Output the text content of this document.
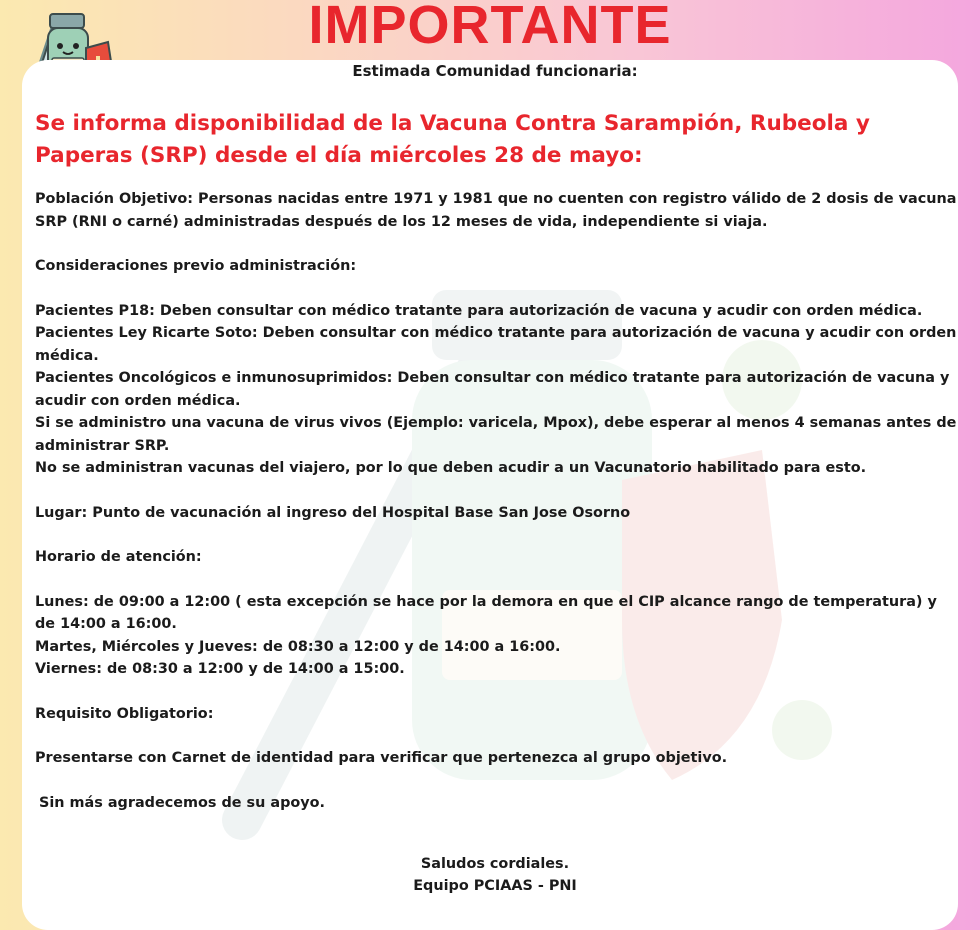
IMPORTANTE
Estimada Comunidad funcionaria:
Se informa disponibilidad de la Vacuna Contra Sarampión, Rubeola y Paperas (SRP) desde el día miércoles 28 de mayo:

Población Objetivo: Personas nacidas entre 1971 y 1981 que no cuenten con registro válido de 2 dosis de vacuna SRP (RNI o carné) administradas después de los 12 meses de vida, independiente si viaja.

Consideraciones previo administración:

Pacientes P18: Deben consultar con médico tratante para autorización de vacuna y acudir con orden médica.

Pacientes Ley Ricarte Soto: Deben consultar con médico tratante para autorización de vacuna y acudir con orden médica.

Pacientes Oncológicos e inmunosuprimidos: Deben consultar con médico tratante para autorización de vacuna y acudir con orden médica.

Si se administro una vacuna de virus vivos (Ejemplo: varicela, Mpox), debe esperar al menos 4 semanas antes de administrar SRP.

No se administran vacunas del viajero, por lo que deben acudir a un Vacunatorio habilitado para esto.

Lugar: Punto de vacunación al ingreso del Hospital Base San Jose Osorno

Horario de atención:

Lunes: de 09:00 a 12:00 ( esta excepción se hace por la demora en que el CIP alcance rango de temperatura) y de 14:00 a 16:00.

Martes, Miércoles y Jueves: de 08:30 a 12:00 y de 14:00 a 16:00.

Viernes: de 08:30 a 12:00 y de 14:00 a 15:00.

Requisito Obligatorio:

Presentarse con Carnet de identidad para verificar que pertenezca al grupo objetivo.

Sin más agradecemos de su apoyo.

Saludos cordiales.

Equipo PCIAAS - PNI
